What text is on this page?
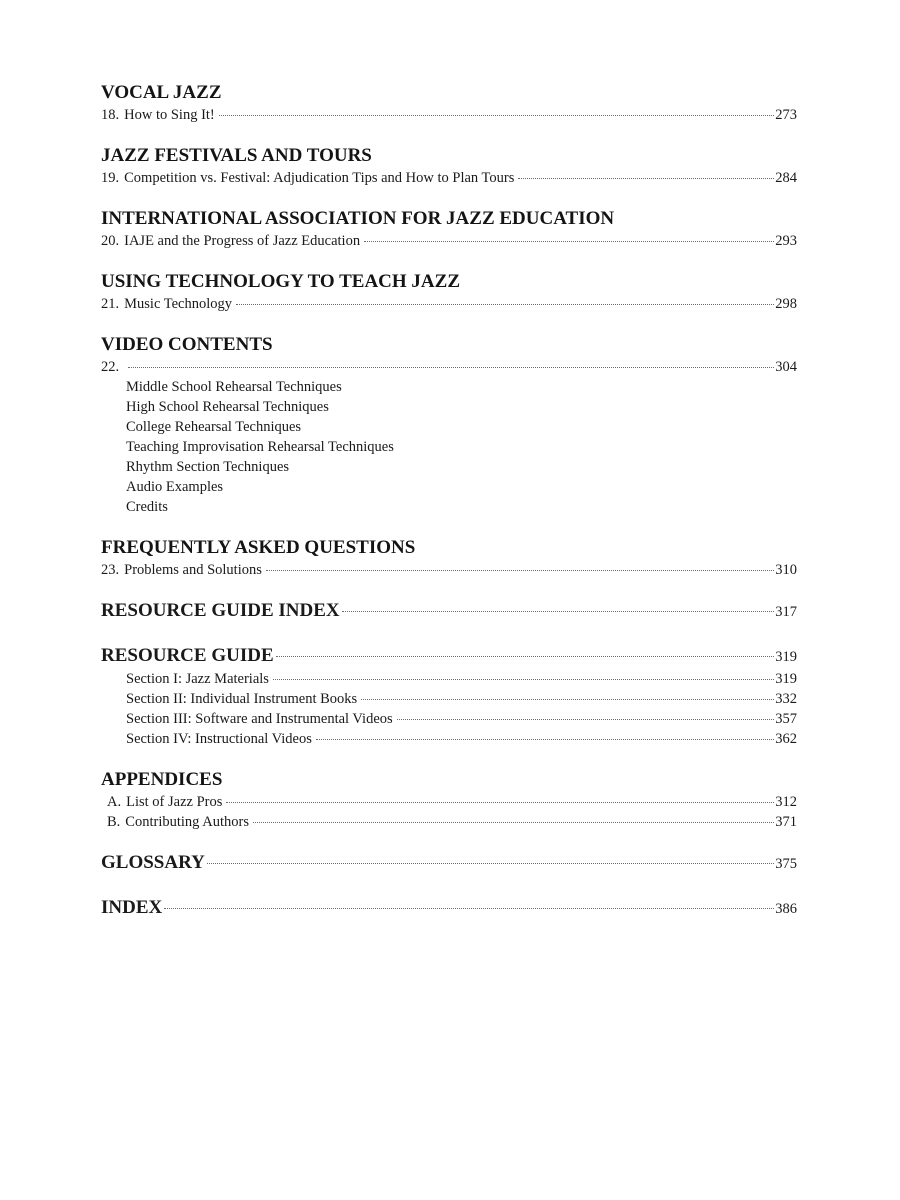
VOCAL JAZZ
18. How to Sing It!	273
JAZZ FESTIVALS AND TOURS
19. Competition vs. Festival: Adjudication Tips and How to Plan Tours	284
INTERNATIONAL ASSOCIATION FOR JAZZ EDUCATION
20. IAJE and the Progress of Jazz Education	293
USING TECHNOLOGY TO TEACH JAZZ
21. Music Technology	298
VIDEO CONTENTS
22.	304
Middle School Rehearsal Techniques
High School Rehearsal Techniques
College Rehearsal Techniques
Teaching Improvisation Rehearsal Techniques
Rhythm Section Techniques
Audio Examples
Credits
FREQUENTLY ASKED QUESTIONS
23. Problems and Solutions	310
RESOURCE GUIDE INDEX	317
RESOURCE GUIDE	319
Section I: Jazz Materials	319
Section II: Individual Instrument Books	332
Section III: Software and Instrumental Videos	357
Section IV: Instructional Videos	362
APPENDICES
A. List of Jazz Pros	312
B. Contributing Authors	371
GLOSSARY	375
INDEX	386
